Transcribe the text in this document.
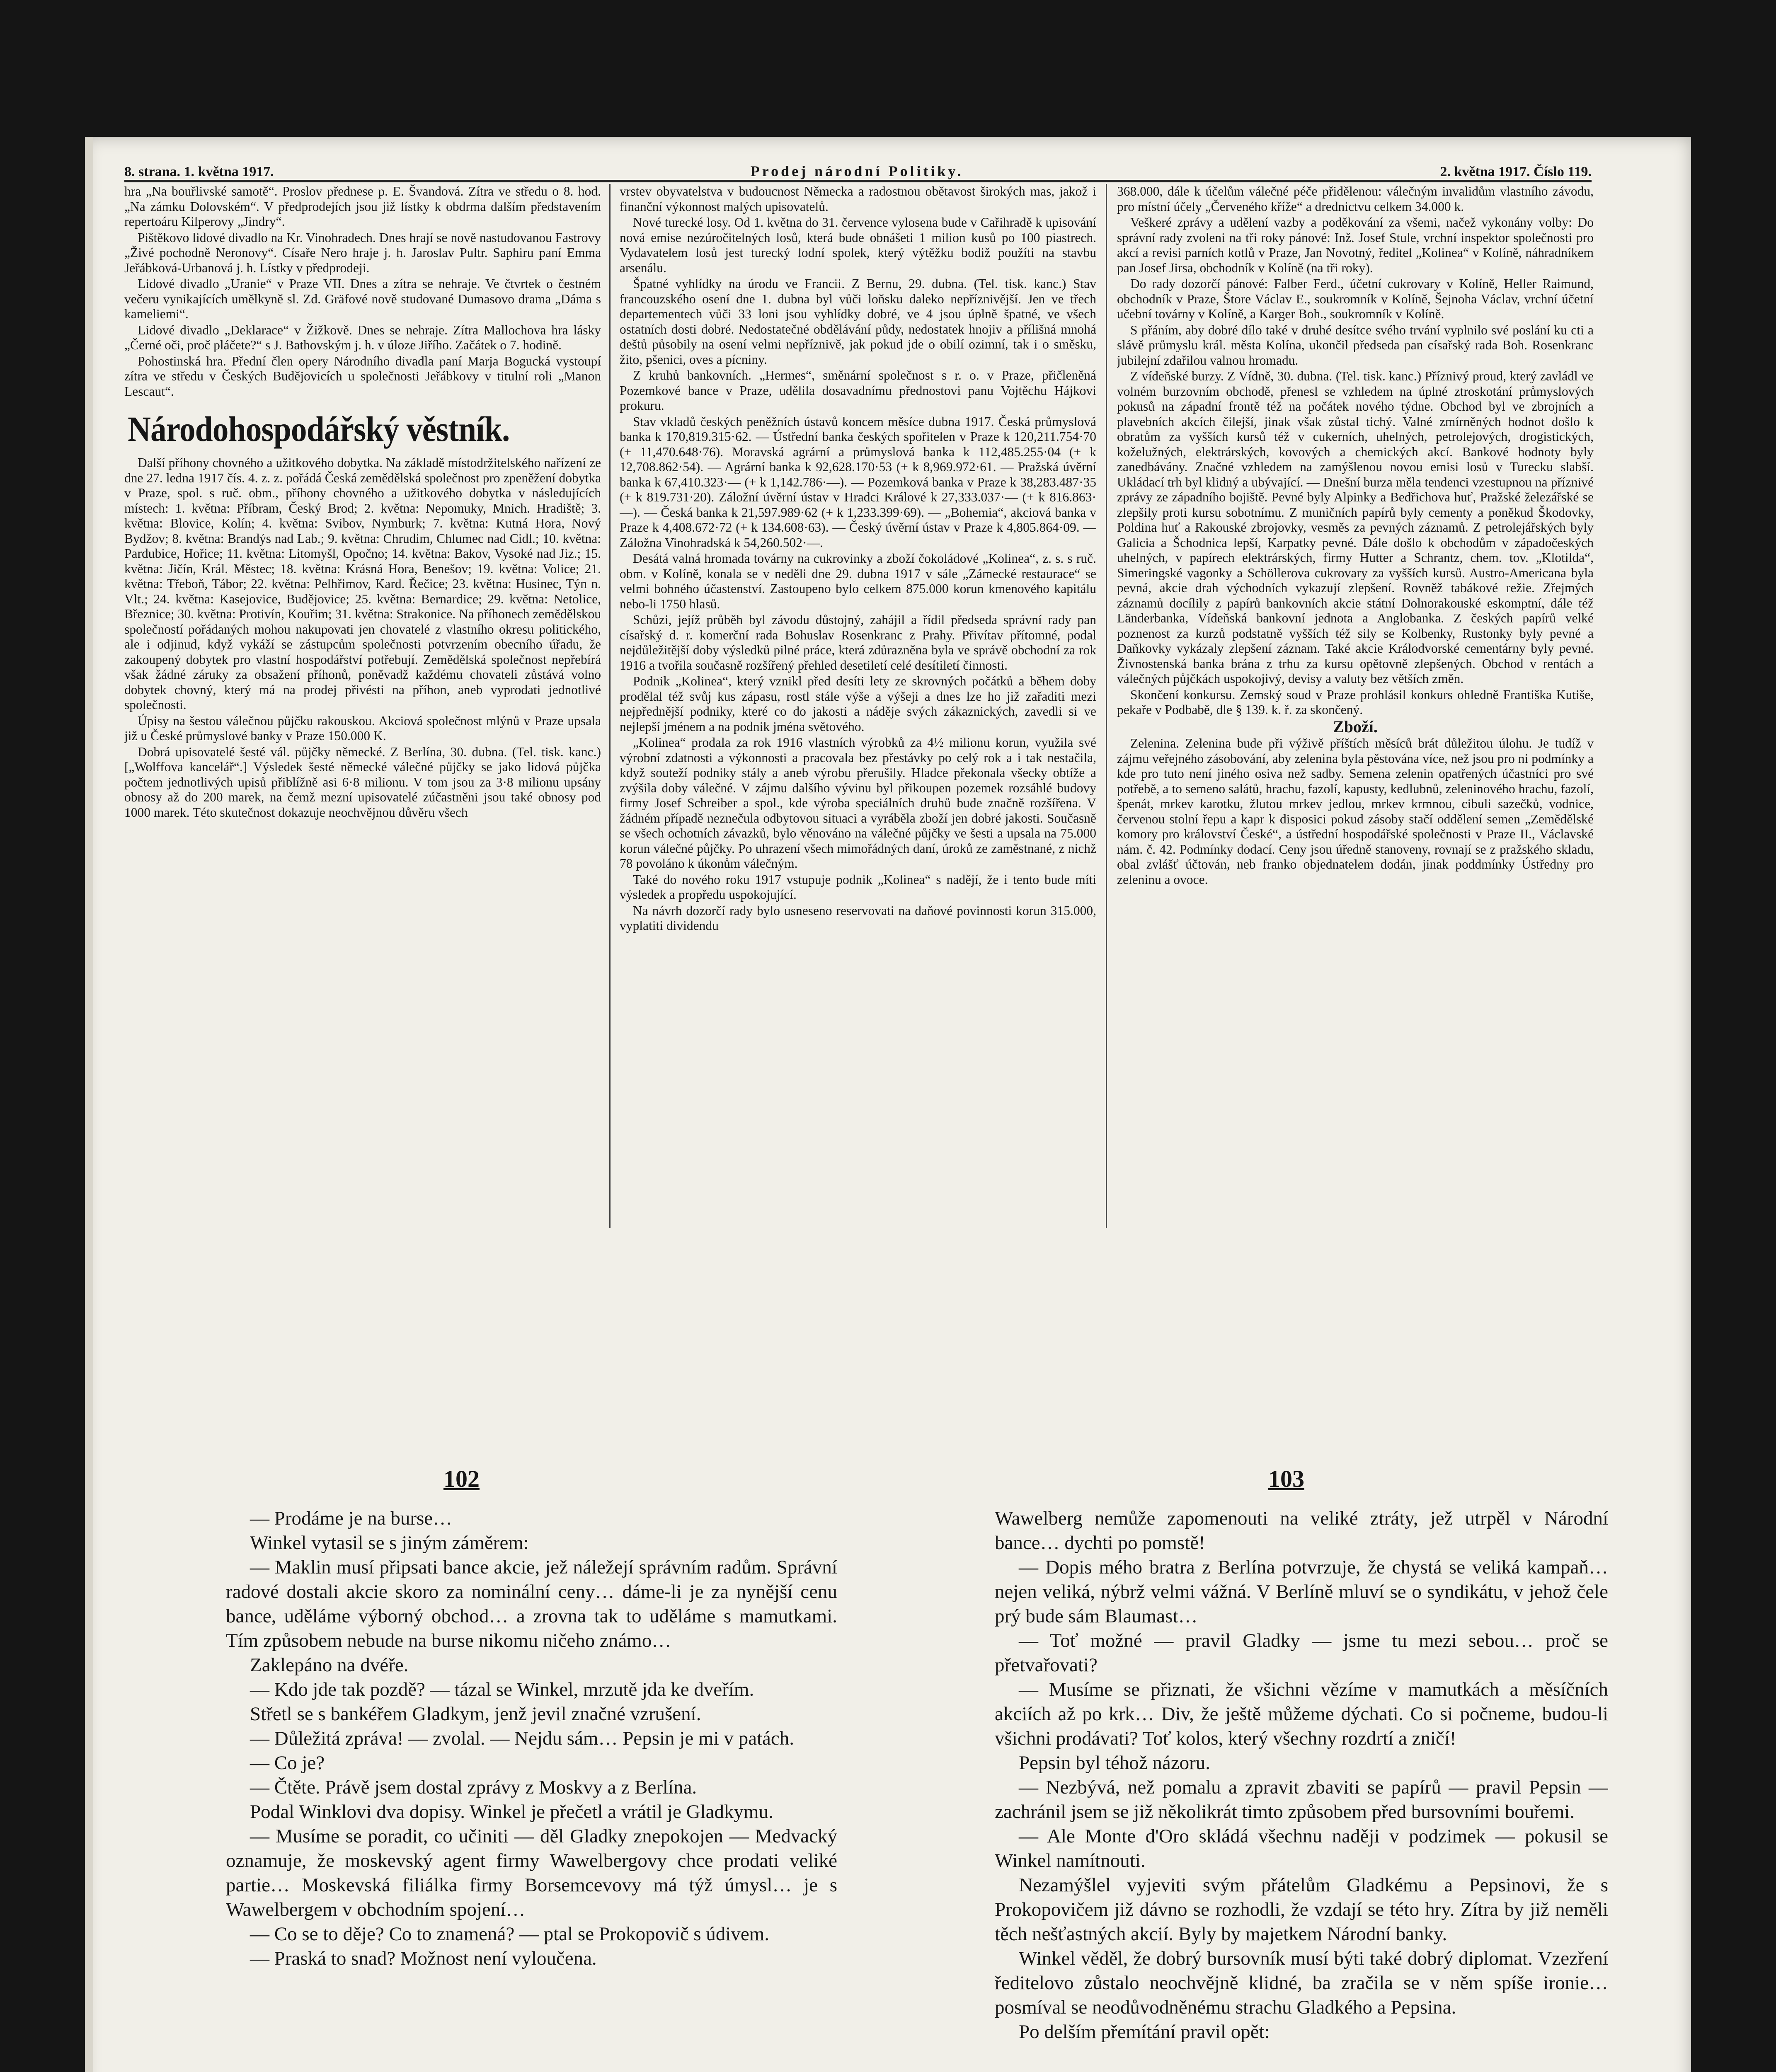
8. strana. 1. května 1917.	Prodej národní Politiky.	2. května 1917. Číslo 119.

hra „Na bouřlivské samotě“. Proslov přednese p. E. Švandová. Zítra ve středu o 8. hod. „Na zámku Dolovském“. V předprodejích jsou již lístky k obdrma dalším představením repertoáru Kilperovy „Jindry“.

Pištěkovo lidové divadlo na Kr. Vinohradech. Dnes hrají se nově nastudovanou Fastrovy „Živé pochodně Neronovy“. Císaře Nero hraje j. h. Jaroslav Pultr. Saphiru paní Emma Jeřábková-Urbanová j. h. Lístky v předprodeji.

Lidové divadlo „Uranie“ v Praze VII. Dnes a zítra se nehraje. Ve čtvrtek o čestném večeru vynikajících umělkyně sl. Zd. Gräfové nově studované Dumasovo drama „Dáma s kameliemi“.

Lidové divadlo „Deklarace“ v Žižkově. Dnes se nehraje. Zítra Mallochova hra lásky „Černé oči, proč pláčete?“ s J. Bathovským j. h. v úloze Jiřího. Začátek o 7. hodině.

Pohostinská hra. Přední člen opery Národního divadla paní Marja Bogucká vystoupí zítra ve středu v Českých Budějovicích u společnosti Jeřábkovy v titulní roli „Manon Lescaut“.

Národohospodářský věstník.

Další příhony chovného a užitkového dobytka. Na základě místodržitelského nařízení ze dne 27. ledna 1917 čís. 4. z. z. pořádá Česká zemědělská společnost pro zpeněžení dobytka v Praze, spol. s ruč. obm., příhony chovného a užitkového dobytka v následujících místech: 1. května: Příbram, Český Brod; 2. května: Nepomuky, Mnich. Hradiště; 3. května: Blovice, Kolín; 4. května: Svibov, Nymburk; 7. května: Kutná Hora, Nový Bydžov; 8. května: Brandýs nad Lab.; 9. května: Chrudim, Chlumec nad Cidl.; 10. května: Pardubice, Hořice; 11. května: Litomyšl, Opočno; 14. května: Bakov, Vysoké nad Jiz.; 15. května: Jičín, Král. Městec; 18. května: Krásná Hora, Benešov; 19. května: Volice; 21. května: Třeboň, Tábor; 22. května: Pelhřimov, Kard. Řečice; 23. května: Husinec, Týn n. Vlt.; 24. května: Kasejovice, Budějovice; 25. května: Bernardice; 29. května: Netolice, Březnice; 30. května: Protivín, Kouřim; 31. května: Strakonice. Na příhonech zemědělskou společností pořádaných mohou nakupovati jen chovatelé z vlastního okresu politického, ale i odjinud, když vykáží se zástupcům společnosti potvrzením obecního úřadu, že zakoupený dobytek pro vlastní hospodářství potřebují. Zemědělská společnost nepřebírá však žádné záruky za obsažení příhonů, poněvadž každému chovateli zůstává volno dobytek chovný, který má na prodej přivésti na příhon, aneb vyprodati jednotlivé společnosti.

Úpisy na šestou válečnou půjčku rakouskou. Akciová společnost mlýnů v Praze upsala již u České průmyslové banky v Praze 150.000 K.

Dobrá upisovatelé šesté vál. půjčky německé. Z Berlína, 30. dubna. (Tel. tisk. kanc.) [„Wolffova kancelář“.] Výsledek šesté německé válečné půjčky se jako lidová půjčka počtem jednotlivých upisů přiblížně asi 6·8 milionu. V tom jsou za 3·8 milionu upsány obnosy až do 200 marek, na čemž mezní upisovatelé zúčastněni jsou také obnosy pod 1000 marek. Této skutečnost dokazuje neochvějnou důvěru všech

vrstev obyvatelstva v budoucnost Německa a radostnou obětavost širokých mas, jakož i finanční výkonnost malých upisovatelů.

Nové turecké losy. Od 1. května do 31. července vylosena bude v Cařihradě k upisování nová emise nezúročitelných losů, která bude obnášeti 1 milion kusů po 100 piastrech. Vydavatelem losů jest turecký lodní spolek, který výtěžku bodiž použíti na stavbu arsenálu.

Špatné vyhlídky na úrodu ve Francii. Z Bernu, 29. dubna. (Tel. tisk. kanc.) Stav francouzského osení dne 1. dubna byl vůči loňsku daleko nepříznivější. Jen ve třech departementech vůči 33 loni jsou vyhlídky dobré, ve 4 jsou úplně špatné, ve všech ostatních dosti dobré. Nedostatečné obdělávání půdy, nedostatek hnojiv a přílišná mnohá deštů působily na osení velmi nepříznivě, jak pokud jde o obilí ozimní, tak i o směsku, žito, pšenici, oves a pícniny.

Z kruhů bankovních. „Hermes“, směnární společnost s r. o. v Praze, přičleněná Pozemkové bance v Praze, udělila dosavadnímu přednostovi panu Vojtěchu Hájkovi prokuru.

Stav vkladů českých peněžních ústavů koncem měsíce dubna 1917. Česká průmyslová banka k 170,819.315·62. — Ústřední banka českých spořitelen v Praze k 120,211.754·70 (+ 11,470.648·76). Moravská agrární a průmyslová banka k 112,485.255·04 (+ k 12,708.862·54). — Agrární banka k 92,628.170·53 (+ k 8,969.972·61. — Pražská úvěrní banka k 67,410.323·— (+ k 1,142.786·—). — Pozemková banka v Praze k 38,283.487·35 (+ k 819.731·20). Záložní úvěrní ústav v Hradci Králové k 27,333.037·— (+ k 816.863·—). — Česká banka k 21,597.989·62 (+ k 1,233.399·69). — „Bohemia“, akciová banka v Praze k 4,408.672·72 (+ k 134.608·63). — Český úvěrní ústav v Praze k 4,805.864·09. — Záložna Vinohradská k 54,260.502·—.

Desátá valná hromada továrny na cukrovinky a zboží čokoládové „Kolinea“, z. s. s ruč. obm. v Kolíně, konala se v neděli dne 29. dubna 1917 v sále „Zámecké restaurace“ se velmi bohného účastenství. Zastoupeno bylo celkem 875.000 korun kmenového kapitálu nebo-li 1750 hlasů.

Schůzi, jejíž průběh byl závodu důstojný, zahájil a řídil předseda správní rady pan císařský d. r. komerční rada Bohuslav Rosenkranc z Prahy. Přivítav přítomné, podal nejdůležitější doby výsledků pilné práce, která zdůrazněna byla ve správě obchodní za rok 1916 a tvořila současně rozšířený přehled desetiletí celé desítiletí činnosti.

Podnik „Kolinea“, který vznikl před desíti lety ze skrovných počátků a během doby prodělal též svůj kus zápasu, rostl stále výše a výšeji a dnes lze ho již zařaditi mezi nejpřednější podniky, které co do jakosti a náděje svých zákaznických, zavedli si ve nejlepší jménem a na podnik jména světového.

„Kolinea“ prodala za rok 1916 vlastních výrobků za 4½ milionu korun, využila své výrobní zdatnosti a výkonnosti a pracovala bez přestávky po celý rok a i tak nestačila, když souteží podniky stály a aneb výrobu přerušily. Hladce překonala všecky obtíže a zvýšila doby válečné. V zájmu dalšího vývinu byl přikoupen pozemek rozsáhlé budovy firmy Josef Schreiber a spol., kde výroba speciálních druhů bude značně rozšířena. V žádném případě neznečula odbytovou situaci a vyráběla zboží jen dobré jakosti. Současně se všech ochotních závazků, bylo věnováno na válečné půjčky ve šesti a upsala na 75.000 korun válečné půjčky. Po uhrazení všech mimořádných daní, úroků ze zaměstnané, z nichž 78 povoláno k úkonům válečným.

Také do nového roku 1917 vstupuje podnik „Kolinea“ s nadějí, že i tento bude míti výsledek a propředu uspokojující.

Na návrh dozorčí rady bylo usneseno reservovati na daňové povinnosti korun 315.000, vyplatiti dividendu

368.000, dále k účelům válečné péče přidělenou: válečným invalidům vlastního závodu, pro místní účely „Červeného kříže“ a drednictvu celkem 34.000 k.

Veškeré zprávy a udělení vazby a poděkování za všemi, načež vykonány volby: Do správní rady zvoleni na tři roky pánové: Inž. Josef Stule, vrchní inspektor společnosti pro akcí a revisi parních kotlů v Praze, Jan Novotný, ředitel „Kolinea“ v Kolíně, náhradníkem pan Josef Jirsa, obchodník v Kolíně (na tři roky).

Do rady dozorčí pánové: Falber Ferd., účetní cukrovary v Kolíně, Heller Raimund, obchodník v Praze, Štore Václav E., soukromník v Kolíně, Šejnoha Václav, vrchní účetní učební továrny v Kolíně, a Karger Boh., soukromník v Kolíně.

S přáním, aby dobré dílo také v druhé desítce svého trvání vyplnilo své poslání ku cti a slávě průmyslu král. města Kolína, ukončil předseda pan císařský rada Boh. Rosenkranc jubilejní zdařilou valnou hromadu.

Z vídeňské burzy. Z Vídně, 30. dubna. (Tel. tisk. kanc.) Příznivý proud, který zavládl ve volném burzovním obchodě, přenesl se vzhledem na úplné ztroskotání průmyslových pokusů na západní frontě též na počátek nového týdne. Obchod byl ve zbrojních a plavebních akcích čilejší, jinak však zůstal tichý. Valné zmírněných hodnot došlo k obratům za vyšších kursů též v cukerních, uhelných, petrolejových, drogistických, koželužných, elektrárských, kovových a chemických akcí. Bankové hodnoty byly zanedbávány. Značné vzhledem na zamýšlenou novou emisi losů v Turecku slabší. Ukládací trh byl klidný a ubývající. — Dnešní burza měla tendenci vzestupnou na příznivé zprávy ze západního bojiště. Pevné byly Alpinky a Bedřichova huť, Pražské železářské se zlepšily proti kursu sobotnímu. Z muničních papírů byly cementy a poněkud Škodovky, Poldina huť a Rakouské zbrojovky, vesměs za pevných záznamů. Z petrolejářských byly Galicia a Šchodnica lepší, Karpatky pevné. Dále došlo k obchodům v západočeských uhelných, v papírech elektrárských, firmy Hutter a Schrantz, chem. tov. „Klotilda“, Simeringské vagonky a Schöllerova cukrovary za vyšších kursů. Austro-Americana byla pevná, akcie drah východních vykazují zlepšení. Rovněž tabákové režie. Zřejmých záznamů docílily z papírů bankovních akcie státní Dolnorakouské eskomptní, dále též Länderbanka, Vídeňská bankovní jednota a Anglobanka. Z českých papírů velké poznenost za kurzů podstatně vyšších též sily se Kolbenky, Rustonky byly pevné a Daňkovky vykázaly zlepšení záznam. Také akcie Králodvorské cementárny byly pevné. Živnostenská banka brána z trhu za kursu opětovně zlepšených. Obchod v rentách a válečných půjčkách uspokojivý, devisy a valuty bez větších změn.

Skončení konkursu. Zemský soud v Praze prohlásil konkurs ohledně Františka Kutiše, pekaře v Podbabě, dle § 139. k. ř. za skončený.

Zboží.

Zelenina. Zelenina bude při výživě příštích měsíců brát důležitou úlohu. Je tudíž v zájmu veřejného zásobování, aby zelenina byla pěstována více, než jsou pro ni podmínky a kde pro tuto není jiného osiva než sadby. Semena zelenin opatřených účastníci pro své potřebě, a to semeno salátů, hrachu, fazolí, kapusty, kedlubnů, zeleninového hrachu, fazolí, špenát, mrkev karotku, žlutou mrkev jedlou, mrkev krmnou, cibuli sazečků, vodnice, červenou stolní řepu a kapr k disposici pokud zásoby stačí oddělení semen „Zemědělské komory pro království České“, a ústřední hospodářské společnosti v Praze II., Václavské nám. č. 42. Podmínky dodací. Ceny jsou úředně stanoveny, rovnají se z pražského skladu, obal zvlášť účtován, neb franko objednatelem dodán, jinak poddmínky Ústředny pro zeleninu a ovoce.

102	103

— Prodáme je na burse…

Winkel vytasil se s jiným záměrem:

— Maklin musí připsati bance akcie, jež náležejí správním radům. Správní radové dostali akcie skoro za nominální ceny… dáme-li je za nynější cenu bance, uděláme výborný obchod… a zrovna tak to uděláme s mamutkami. Tím způsobem nebude na burse nikomu ničeho známo…

Zaklepáno na dvéře.

— Kdo jde tak pozdě? — tázal se Winkel, mrzutě jda ke dveřím.

Střetl se s bankéřem Gladkym, jenž jevil značné vzrušení.

— Důležitá zpráva! — zvolal. — Nejdu sám… Pepsin je mi v patách.

— Co je?

— Čtěte. Právě jsem dostal zprávy z Moskvy a z Berlína.

Podal Winklovi dva dopisy. Winkel je přečetl a vrátil je Gladkymu.

— Musíme se poradit, co učiniti — děl Gladky znepokojen — Medvacký oznamuje, že moskevský agent firmy Wawelbergovy chce prodati veliké partie… Moskevská filiálka firmy Borsemcevovy má týž úmysl… je s Wawelbergem v obchodním spojení…

— Co se to děje? Co to znamená? — ptal se Prokopovič s údivem.

— Praská to snad? Možnost není vyloučena.

Wawelberg nemůže zapomenouti na veliké ztráty, jež utrpěl v Národní bance… dychti po pomstě!

— Dopis mého bratra z Berlína potvrzuje, že chystá se veliká kampaň… nejen veliká, nýbrž velmi vážná. V Berlíně mluví se o syndikátu, v jehož čele prý bude sám Blaumast…

— Toť možné — pravil Gladky — jsme tu mezi sebou… proč se přetvařovati?

— Musíme se přiznati, že všichni vězíme v mamutkách a měsíčních akciích až po krk… Div, že ještě můžeme dýchati. Co si počneme, budou-li všichni prodávati? Toť kolos, který všechny rozdrtí a zničí!

Pepsin byl téhož názoru.

— Nezbývá, než pomalu a zpravit zbaviti se papírů — pravil Pepsin — zachránil jsem se již několikrát timto způsobem před bursovními bouřemi.

— Ale Monte d'Oro skládá všechnu naději v podzimek — pokusil se Winkel namítnouti.

Nezamýšlel vyjeviti svým přátelům Gladkému a Pepsinovi, že s Prokopovičem již dávno se rozhodli, že vzdají se této hry. Zítra by již neměli těch nešťastných akcií. Byly by majetkem Národní banky.

Winkel věděl, že dobrý bursovník musí býti také dobrý diplomat. Vzezření ředitelovo zůstalo neochvějně klidné, ba zračila se v něm spíše ironie… posmíval se neodůvodněnému strachu Gladkého a Pepsina.

Po delším přemítání pravil opět:
